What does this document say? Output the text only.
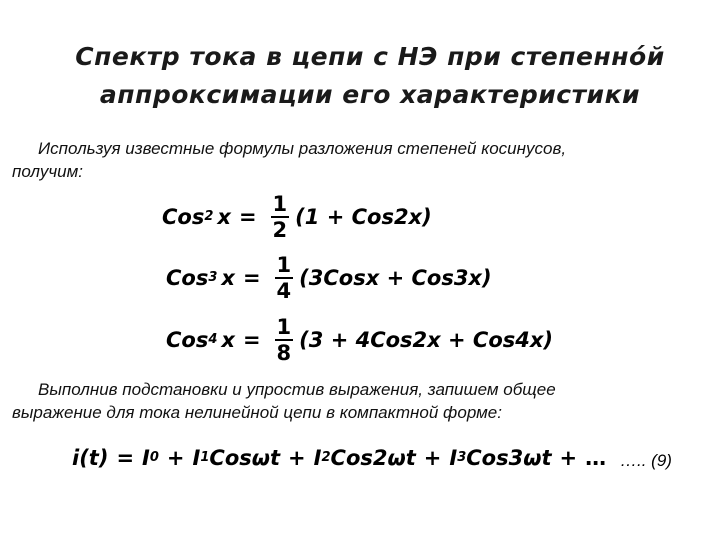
Спектр тока в цепи с НЭ при степенно́й
аппроксимации его характеристики
Используя известные формулы разложения степеней косинусов,
получим:
Cos 2 $x = \frac{1}{2} (1 + Cos2x)$
Cos 3 $x = \frac{1}{4}$ (3Cosx + Cos3x)
Cos 4 $x = \frac{1}{8} (3 + 4Cos2x + Cos4x)$
Выполнив подстановки и упростив выражения, запишем общее
выражение для тока нелинейной цепи в компактной форме:
i(t) = I 0 + I 1 Cosωt + I 2 Cos2ωt + I 3 Cos3ωt + … ….. (9)
